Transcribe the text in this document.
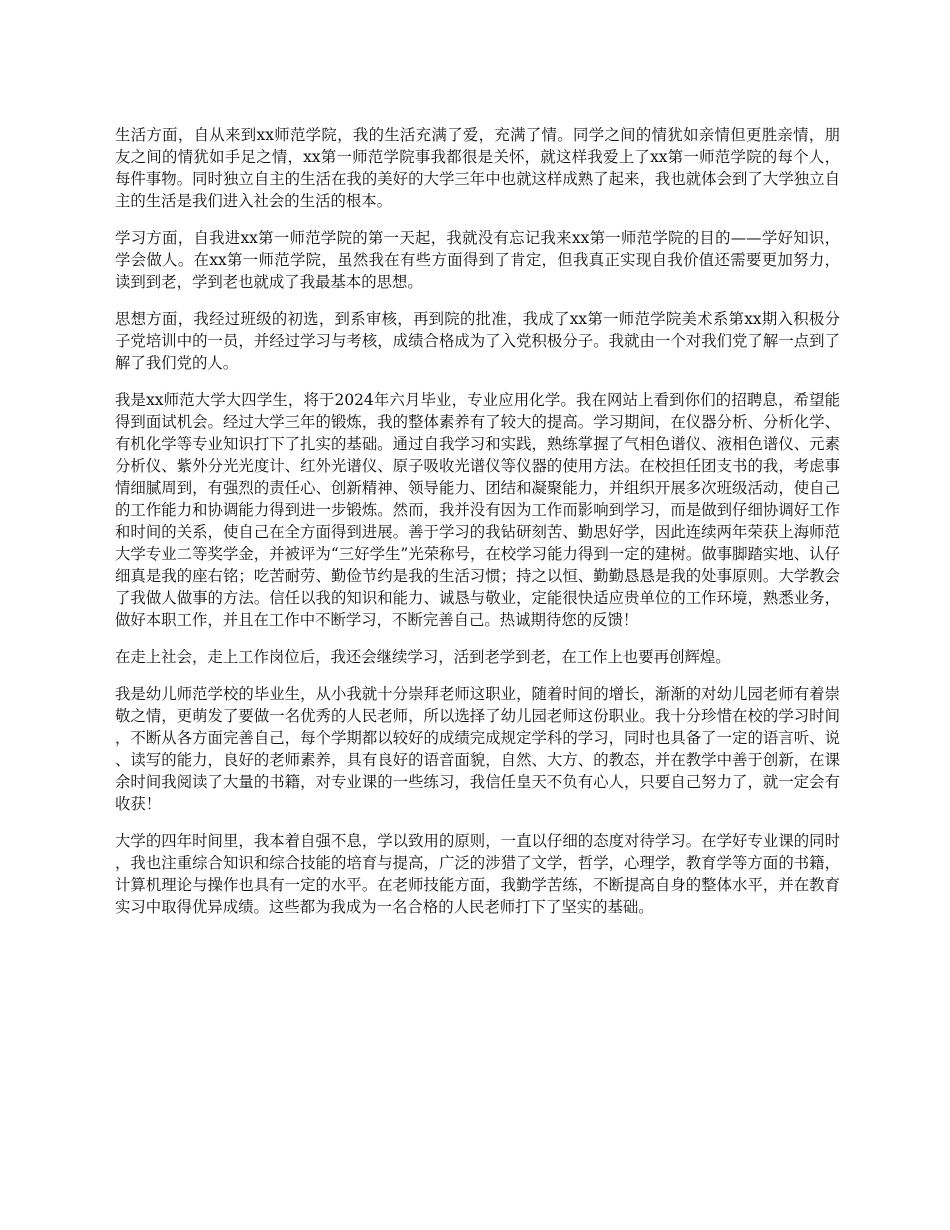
生活方面，自从来到xx师范学院，我的生活充满了爱，充满了情。同学之间的情犹如亲情但更胜亲情，朋友之间的情犹如手足之情，xx第一师范学院事我都很是关怀，就这样我爱上了xx第一师范学院的每个人，每件事物。同时独立自主的生活在我的美好的大学三年中也就这样成熟了起来，我也就体会到了大学独立自主的生活是我们进入社会的生活的根本。

学习方面，自我进xx第一师范学院的第一天起，我就没有忘记我来xx第一师范学院的目的——学好知识，学会做人。在xx第一师范学院，虽然我在有些方面得到了肯定，但我真正实现自我价值还需要更加努力，读到到老，学到老也就成了我最基本的思想。

思想方面，我经过班级的初选，到系审核，再到院的批准，我成了xx第一师范学院美术系第xx期入积极分子党培训中的一员，并经过学习与考核，成绩合格成为了入党积极分子。我就由一个对我们党了解一点到了解了我们党的人。

我是xx师范大学大四学生，将于2024年六月毕业，专业应用化学。我在网站上看到你们的招聘息，希望能得到面试机会。经过大学三年的锻炼，我的整体素养有了较大的提高。学习期间，在仪器分析、分析化学、有机化学等专业知识打下了扎实的基础。通过自我学习和实践，熟练掌握了气相色谱仪、液相色谱仪、元素分析仪、紫外分光光度计、红外光谱仪、原子吸收光谱仪等仪器的使用方法。在校担任团支书的我，考虑事情细腻周到，有强烈的责任心、创新精神、领导能力、团结和凝聚能力，并组织开展多次班级活动，使自己的工作能力和协调能力得到进一步锻炼。然而，我并没有因为工作而影响到学习，而是做到仔细协调好工作和时间的关系，使自己在全方面得到进展。善于学习的我钻研刻苦、勤思好学，因此连续两年荣获上海师范大学专业二等奖学金，并被评为“三好学生”光荣称号，在校学习能力得到一定的建树。做事脚踏实地、认仔细真是我的座右铭；吃苦耐劳、勤俭节约是我的生活习惯；持之以恒、勤勤恳恳是我的处事原则。大学教会了我做人做事的方法。信任以我的知识和能力、诚恳与敬业，定能很快适应贵单位的工作环境，熟悉业务，做好本职工作，并且在工作中不断学习，不断完善自己。热诚期待您的反馈！

在走上社会，走上工作岗位后，我还会继续学习，活到老学到老，在工作上也要再创辉煌。

我是幼儿师范学校的毕业生，从小我就十分崇拜老师这职业，随着时间的增长，渐渐的对幼儿园老师有着崇敬之情，更萌发了要做一名优秀的人民老师，所以选择了幼儿园老师这份职业。我十分珍惜在校的学习时间，不断从各方面完善自己，每个学期都以较好的成绩完成规定学科的学习，同时也具备了一定的语言听、说、读写的能力，良好的老师素养，具有良好的语音面貌，自然、大方、的教态，并在教学中善于创新，在课余时间我阅读了大量的书籍，对专业课的一些练习，我信任皇天不负有心人，只要自己努力了，就一定会有收获！

大学的四年时间里，我本着自强不息，学以致用的原则，一直以仔细的态度对待学习。在学好专业课的同时，我也注重综合知识和综合技能的培育与提高，广泛的涉猎了文学，哲学，心理学，教育学等方面的书籍，计算机理论与操作也具有一定的水平。在老师技能方面，我勤学苦练，不断提高自身的整体水平，并在教育实习中取得优异成绩。这些都为我成为一名合格的人民老师打下了坚实的基础。
